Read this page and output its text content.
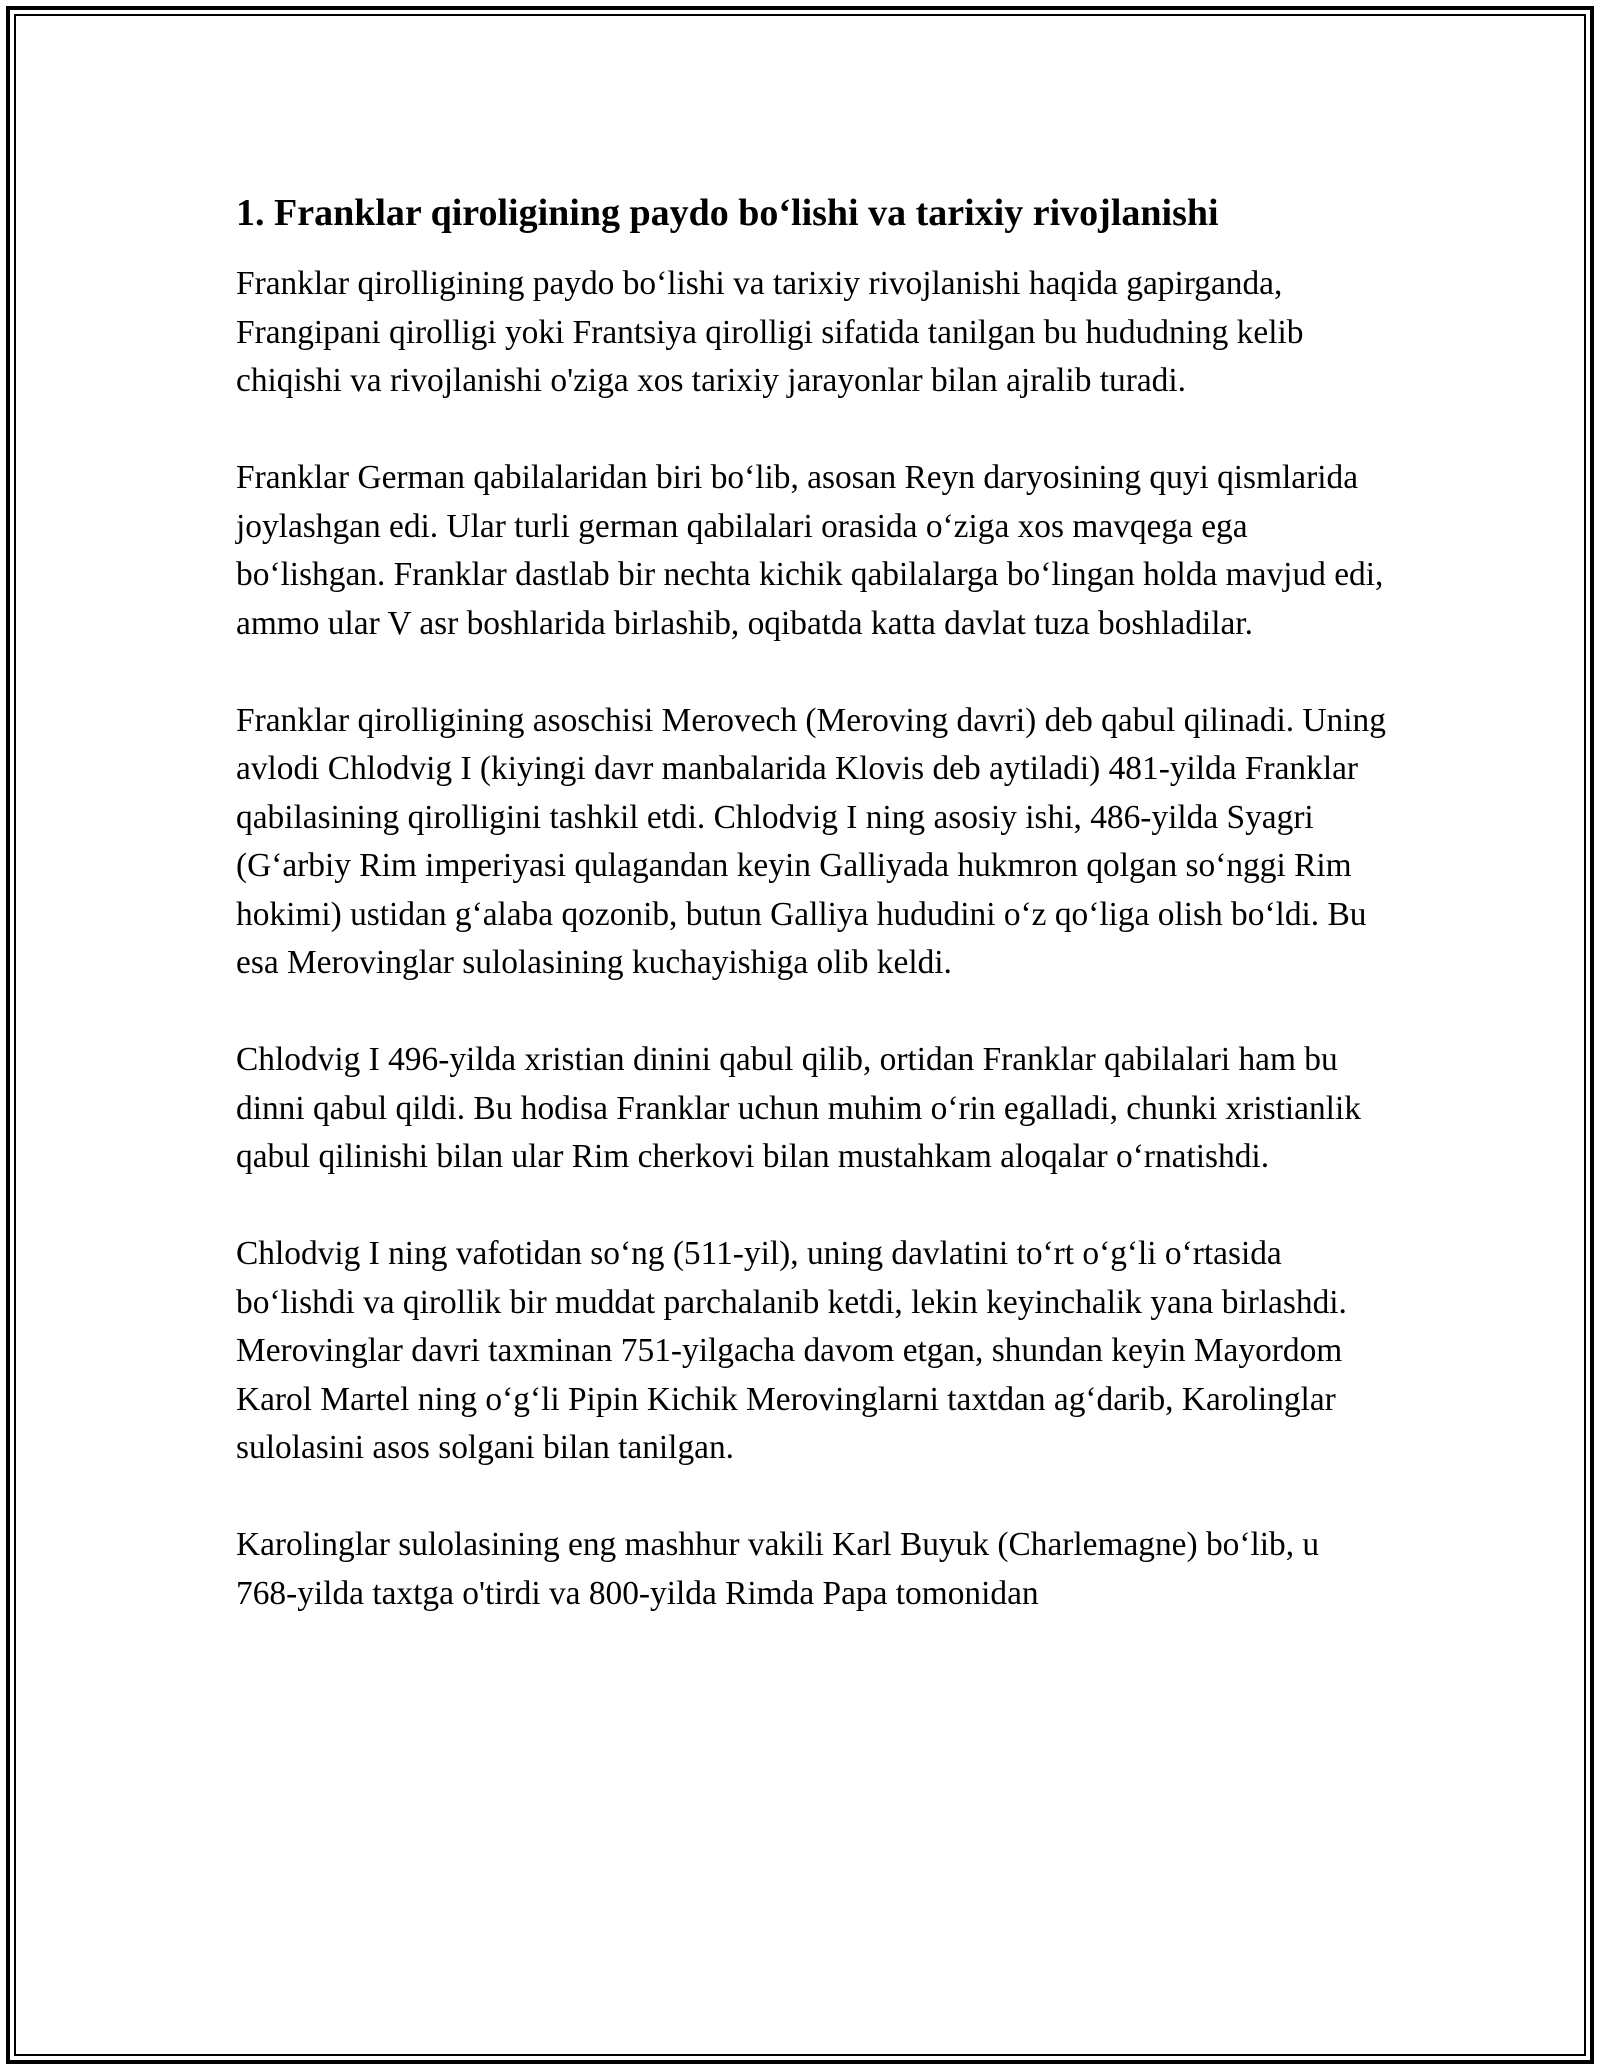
1. Franklar qiroligining paydo bo‘lishi va tarixiy rivojlanishi

Franklar qirolligining paydo bo‘lishi va tarixiy rivojlanishi haqida gapirganda, Frangipani qirolligi yoki Frantsiya qirolligi sifatida tanilgan bu hududning kelib chiqishi va rivojlanishi o'ziga xos tarixiy jarayonlar bilan ajralib turadi.

Franklar German qabilalaridan biri bo‘lib, asosan Reyn daryosining quyi qismlarida joylashgan edi. Ular turli german qabilalari orasida o‘ziga xos mavqega ega bo‘lishgan. Franklar dastlab bir nechta kichik qabilalarga bo‘lingan holda mavjud edi, ammo ular V asr boshlarida birlashib, oqibatda katta davlat tuza boshladilar.

Franklar qirolligining asoschisi Merovech (Meroving davri) deb qabul qilinadi. Uning avlodi Chlodvig I (kiyingi davr manbalarida Klovis deb aytiladi) 481-yilda Franklar qabilasining qirolligini tashkil etdi. Chlodvig I ning asosiy ishi, 486-yilda Syagri (G‘arbiy Rim imperiyasi qulagandan keyin Galliyada hukmron qolgan so‘nggi Rim hokimi) ustidan g‘alaba qozonib, butun Galliya hududini o‘z qo‘liga olish bo‘ldi. Bu esa Merovinglar sulolasining kuchayishiga olib keldi.

Chlodvig I 496-yilda xristian dinini qabul qilib, ortidan Franklar qabilalari ham bu dinni qabul qildi. Bu hodisa Franklar uchun muhim o‘rin egalladi, chunki xristianlik qabul qilinishi bilan ular Rim cherkovi bilan mustahkam aloqalar o‘rnatishdi.

Chlodvig I ning vafotidan so‘ng (511-yil), uning davlatini to‘rt o‘g‘li o‘rtasida bo‘lishdi va qirollik bir muddat parchalanib ketdi, lekin keyinchalik yana birlashdi. Merovinglar davri taxminan 751-yilgacha davom etgan, shundan keyin Mayordom Karol Martel ning o‘g‘li Pipin Kichik Merovinglarni taxtdan ag‘darib, Karolinglar sulolasini asos solgani bilan tanilgan.

Karolinglar sulolasining eng mashhur vakili Karl Buyuk (Charlemagne) bo‘lib, u 768-yilda taxtga o'tirdi va 800-yilda Rimda Papa tomonidan
